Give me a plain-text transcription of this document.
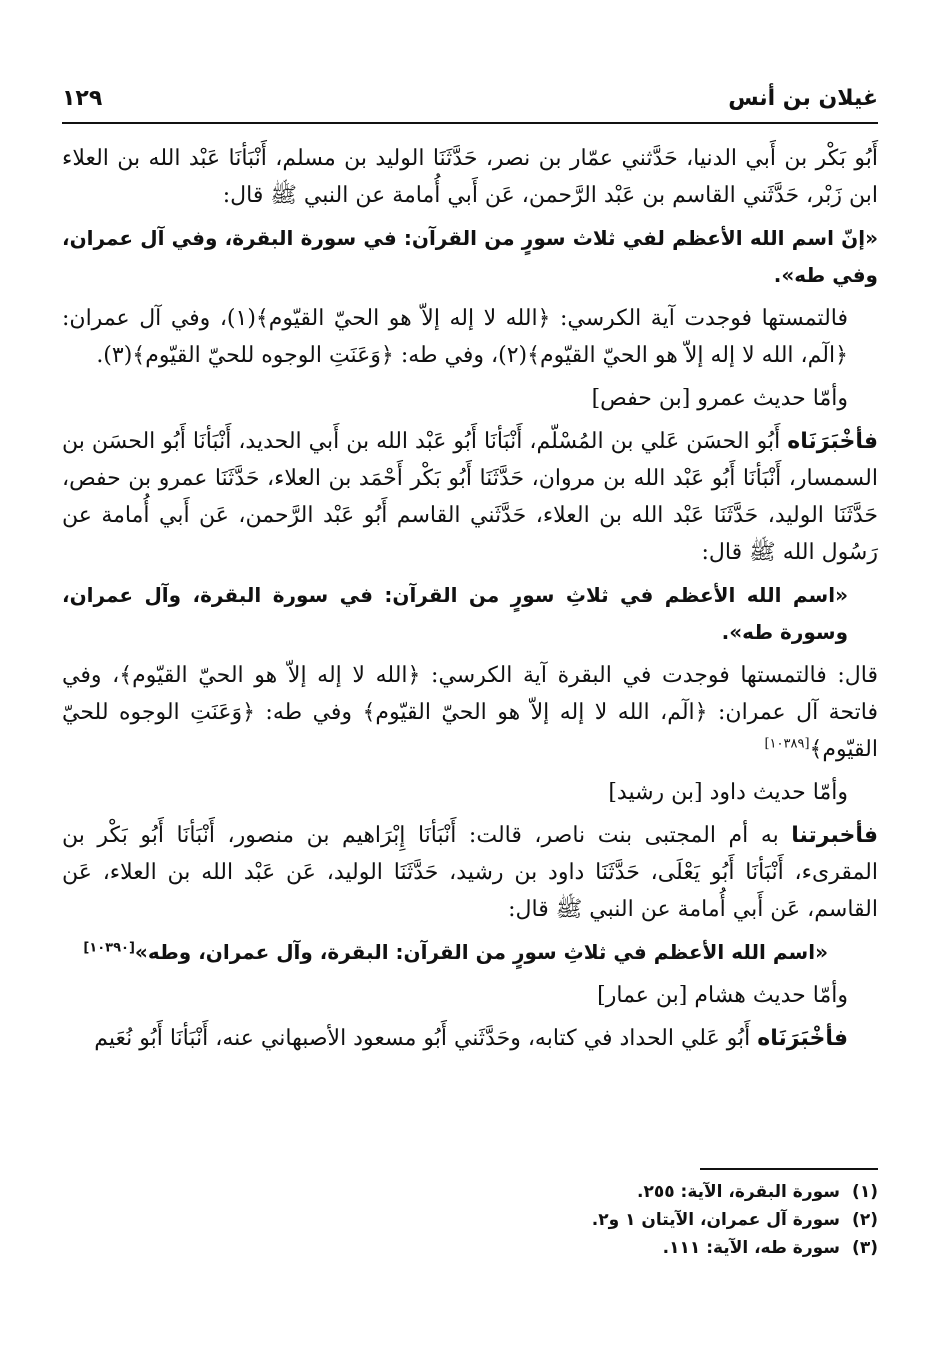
غيلان بن أنس
١٢٩

أَبُو بَكْر بن أَبي الدنيا، حَدَّثني عمّار بن نصر، حَدَّثَنَا الوليد بن مسلم، أَنْبَأنَا عَبْد الله بن العلاء ابن زَبْر، حَدَّثَني القاسم بن عَبْد الرَّحمن، عَن أَبي أُمامة عن النبي ﷺ قال:

«إنّ اسم الله الأعظم لفي ثلاث سورٍ من القرآن: في سورة البقرة، وفي آل عمران، وفي طه».

فالتمستها فوجدت آية الكرسي: ﴿الله لا إله إلاّ هو الحيّ القيّوم﴾(١)، وفي آل عمران: ﴿الٓم، الله لا إله إلاّ هو الحيّ القيّوم﴾(٢)، وفي طه: ﴿وَعَنَتِ الوجوه للحيّ القيّوم﴾(٣).

وأمّا حديث عمرو [بن حفص]

فأخْبَرَنَاه أَبُو الحسَن عَلي بن المُسْلّم، أَنْبَأنَا أَبُو عَبْد الله بن أَبي الحديد، أَنْبَأنَا أَبُو الحسَن بن السمسار، أَنْبَأنَا أَبُو عَبْد الله بن مروان، حَدَّثَنَا أَبُو بَكْر أَحْمَد بن العلاء، حَدَّثَنَا عمرو بن حفص، حَدَّثَنَا الوليد، حَدَّثَنَا عَبْد الله بن العلاء، حَدَّثَني القاسم أَبُو عَبْد الرَّحمن، عَن أَبي أُمامة عن رَسُول الله ﷺ قال:

«اسم الله الأعظم في ثلاثِ سورٍ من القرآن: في سورة البقرة، وآل عمران، وسورة طه».

قال: فالتمستها فوجدت في البقرة آية الكرسي: ﴿الله لا إله إلاّ هو الحيّ القيّوم﴾، وفي فاتحة آل عمران: ﴿الٓم، الله لا إله إلاّ هو الحيّ القيّوم﴾ وفي طه: ﴿وَعَنَتِ الوجوه للحيّ القيّوم﴾[١٠٣٨٩]

وأمّا حديث داود [بن رشيد]

فأخبرتنا به أم المجتبى بنت ناصر، قالت: أَنْبَأنَا إِبْرَاهيم بن منصور، أَنْبَأنَا أَبُو بَكْر بن المقرىء، أَنْبَأنَا أَبُو يَعْلَى، حَدَّثَنَا داود بن رشيد، حَدَّثَنَا الوليد، عَن عَبْد الله بن العلاء، عَن القاسم، عَن أَبي أُمامة عن النبي ﷺ قال:

«اسم الله الأعظم في ثلاثِ سورٍ من القرآن: البقرة، وآل عمران، وطه»[١٠٣٩٠]

وأمّا حديث هشام [بن عمار]

فأخْبَرَنَاه أَبُو عَلي الحداد في كتابه، وحَدَّثَني أَبُو مسعود الأصبهاني عنه، أَنْبَأنَا أَبُو نُعَيم

(١)
سورة البقرة، الآية: ٢٥٥.
(٢)
سورة آل عمران، الآيتان ١ و٢.
(٣)
سورة طه، الآية: ١١١.
